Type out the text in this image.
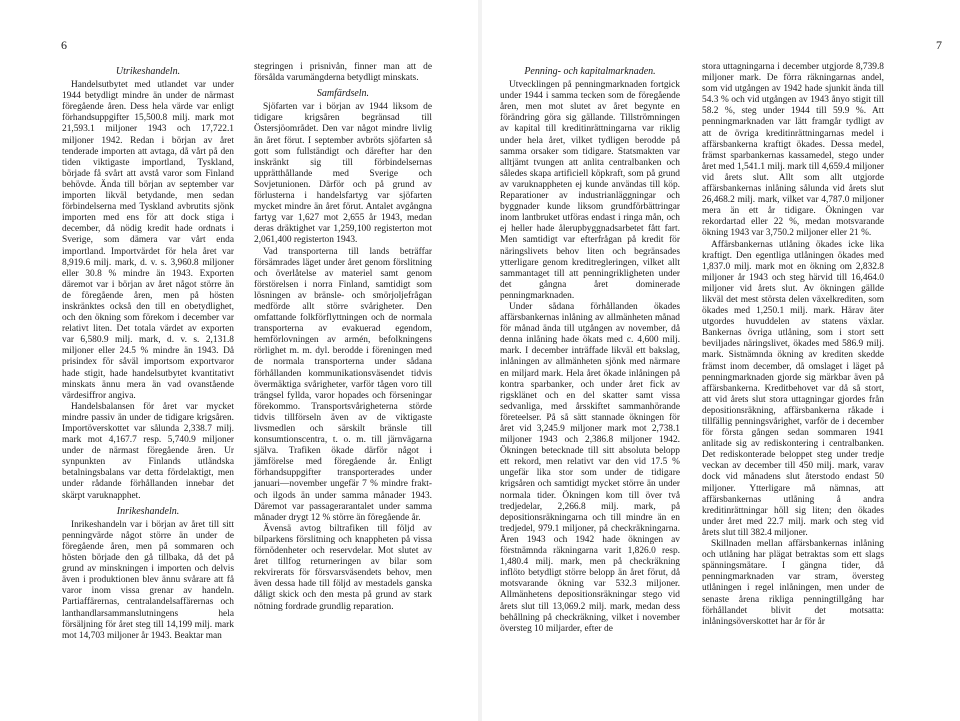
6
Utrikeshandeln.

Handelsutbytet med utlandet var under 1944 betydligt mindre än under de närmast föregående åren. Dess hela värde var enligt förhandsuppgifter 15,500.8 milj. mark mot 21,593.1 miljoner 1943 och 17,722.1 miljoner 1942. Redan i början av året tenderade importen att avtaga, då vårt på den tiden viktigaste importland, Tyskland, började få svårt att avstå varor som Finland behövde. Ända till början av september var importen likväl betydande, men sedan förbindelserna med Tyskland avbrutits sjönk importen med ens för att dock stiga i december, då nödig kredit hade ordnats i Sverige, som dämera var vårt enda importland. Importvärdet för hela året var 8,919.6 milj. mark, d. v. s. 3,960.8 miljoner eller 30.8 % mindre än 1943. Exporten däremot var i början av året något större än de föregående åren, men på hösten inskränktes också den till en obetydlighet, och den ökning som förekom i december var relativt liten. Det totala värdet av exporten var 6,580.9 milj. mark, d. v. s. 2,131.8 miljoner eller 24.5 % mindre än 1943. Då prisindex för såväl importsom exportvaror hade stigit, hade handelsutbytet kvantitativt minskats ännu mera än vad ovanstående värdesiffror angiva.

Handelsbalansen för året var mycket mindre passiv än under de tidigare krigsåren. Importöverskottet var sålunda 2,338.7 milj. mark mot 4,167.7 resp. 5,740.9 miljoner under de närmast föregående åren. Ur synpunkten av Finlands utländska betalningsbalans var detta fördelaktigt, men under rådande förhållanden innebar det skärpt varuknapphet.

Inrikeshandeln.

Inrikeshandeln var i början av året till sitt penningvärde något större än under de föregående åren, men på sommaren och hösten började den gå tillbaka, då det på grund av minskningen i importen och delvis även i produktionen blev ännu svårare att få varor inom vissa grenar av handeln. Partiaffärernas, centralandelsaffärernas och lanthandlarsammanslutningens hela försäljning för året steg till 14,199 milj. mark mot 14,703 miljoner år 1943. Beaktar man

stegringen i prisnivån, finner man att de försålda varumängderna betydligt minskats.

Samfärdseln.

Sjöfarten var i början av 1944 liksom de tidigare krigsåren begränsad till Östersjöområdet. Den var något mindre livlig än året förut. I september avbröts sjöfarten så gott som fullständigt och därefter har den inskränkt sig till förbindelsernas upprätthållande med Sverige och Sovjetunionen. Därför och på grund av förlusterna i handelsfartyg var sjöfarten mycket mindre än året förut. Antalet avgångna fartyg var 1,627 mot 2,655 år 1943, medan deras dräktighet var 1,259,100 registerton mot 2,061,400 registerton 1943.

Vad transporterna till lands beträffar försämrades läget under året genom förslitning och överlåtelse av materiel samt genom förstörelsen i norra Finland, samtidigt som lösningen av bränsle- och smörjoljefrågan medförde allt större svårigheter. Den omfattande folkförflyttningen och de normala transporterna av evakuerad egendom, hemförlovningen av armén, befolkningens rörlighet m. m. dyl. berodde i föreningen med de normala transporterna under sådana förhållanden kommunikationsväsendet tidvis övermäktiga svårigheter, varför tågen voro till trängsel fyllda, varor hopades och förseningar förekommo. Transportsvårigheterna störde tidvis tillförseln även av de viktigaste livsmedlen och särskilt bränsle till konsumtionscentra, t. o. m. till järnvägarna själva. Trafiken ökade därför något i jämförelse med föregående år. Enligt förhandsuppgifter transporterades under januari—november ungefär 7 % mindre frakt- och ilgods än under samma månader 1943. Däremot var passagerarantalet under samma månader drygt 12 % större än föregående år.

Ävensä avtog biltrafiken till följd av bilparkens förslitning och knappheten på vissa förnödenheter och reservdelar. Mot slutet av året tillfog returneringen av bilar som rekvirerats för försvarsväsendets behov, men även dessa hade till följd av mestadels ganska dåligt skick och den mesta på grund av stark nötning fordrade grundlig reparation.

7
Penning- och kapitalmarknaden.

Utvecklingen på penningmarknaden fortgick under 1944 i samma tecken som de föregående åren, men mot slutet av året begynte en förändring göra sig gällande. Tillströmningen av kapital till kreditinrättningarna var riklig under hela året, vilket tydligen berodde på samma orsaker som tidigare. Statsmakten var alltjämt tvungen att anlita centralbanken och således skapa artificiell köpkraft, som på grund av varuknappheten ej kunde användas till köp. Reparationer av industrianläggningar och byggnader kunde liksom grundförbättringar inom lantbruket utföras endast i ringa mån, och ej heller hade ålerupbyggnadsarbetet fått fart. Men samtidigt var efterfrågan på kredit för näringslivets behov liten och begränsades ytterligare genom kreditregleringen, vilket allt sammantaget till att penningrikligheten under det gångna året dominerade penningmarknaden.

Under sådana förhållanden ökades affärsbankernas inlåning av allmänheten månad för månad ända till utgången av november, då denna inlåning hade ökats med c. 4,600 milj. mark. I december inträffade likväl ett bakslag, inlåningen av allmänheten sjönk med närmare en miljard mark. Hela året ökade inlåningen på kontra sparbanker, och under året fick av rigsklänet och en del skatter samt vissa sedvanliga, med årsskiftet sammanhörande företeelser. På så sätt stannade ökningen för året vid 3,245.9 miljoner mark mot 2,738.1 miljoner 1943 och 2,386.8 miljoner 1942. Ökningen betecknade till sitt absoluta belopp ett rekord, men relativt var den vid 17.5 % ungefär lika stor som under de tidigare krigsåren och samtidigt mycket större än under normala tider. Ökningen kom till över två tredjedelar, 2,266.8 milj. mark, på depositionsräkningarna och till mindre än en tredjedel, 979.1 miljoner, på checkräkningarna. Åren 1943 och 1942 hade ökningen av förstnämnda räkningarna varit 1,826.0 resp. 1,480.4 milj. mark, men på checkräkning inflöto betydligt större belopp än året förut, då motsvarande ökning var 532.3 miljoner. Allmänhetens depositionsräkningar stego vid årets slut till 13,069.2 milj. mark, medan dess behållning på checkräkning, vilket i november översteg 10 miljarder, efter de

stora uttagningarna i december utgjorde 8,739.8 miljoner mark. De förra räkningarnas andel, som vid utgången av 1942 hade sjunkit ända till 54.3 % och vid utgången av 1943 ånyo stigit till 58.2 %, steg under 1944 till 59.9 %. Att penningmarknaden var lätt framgår tydligt av att de övriga kreditinrättningarnas medel i affärsbankerna kraftigt ökades. Dessa medel, främst sparbankernas kassamedel, stego under året med 1,541.1 milj. mark till 4,659.4 miljoner vid årets slut. Allt som allt utgjorde affärsbankernas inlåning sålunda vid årets slut 26,468.2 milj. mark, vilket var 4,787.0 miljoner mera än ett år tidigare. Ökningen var rekordartad eller 22 %, medan motsvarande ökning 1943 var 3,750.2 miljoner eller 21 %.

Affärsbankernas utlåning ökades icke lika kraftigt. Den egentliga utlåningen ökades med 1,837.0 milj. mark mot en ökning om 2,832.8 miljoner år 1943 och steg härvid till 16,464.0 miljoner vid årets slut. Av ökningen gällde likväl det mest största delen växelkrediten, som ökades med 1,250.1 milj. mark. Härav äter utgordes huvuddelen av statens växlar. Bankernas övriga utlåning, som i stort sett beviljades näringslivet, ökades med 586.9 milj. mark. Sistnämnda ökning av krediten skedde främst inom december, då omslaget i läget på penningmarknaden gjorde sig märkbar även på affärsbankerna. Kreditbehovet var då så stort, att vid årets slut stora uttagningar gjordes från depositionsräkning, affärsbankerna råkade i tillfällig penningsvårighet, varför de i december för första gången sedan sommaren 1941 anlitade sig av rediskontering i centralbanken. Det rediskonterade beloppet steg under tredje veckan av december till 450 milj. mark, varav dock vid månadens slut återstodo endast 50 miljoner. Ytterligare må nämnas, att affärsbankernas utlåning å andra kreditinrättningar höll sig liten; den ökades under året med 22.7 milj. mark och steg vid årets slut till 382.4 miljoner.

Skillnaden mellan affärsbankernas inlåning och utlåning har plägat betraktas som ett slags spänningsmätare. I gängna tider, då penningmarknaden var stram, översteg utlåningen i regel inlåningen, men under de senaste årena rikliga penningtillgång har förhållandet blivit det motsatta: inlåningsöverskottet har år för år
